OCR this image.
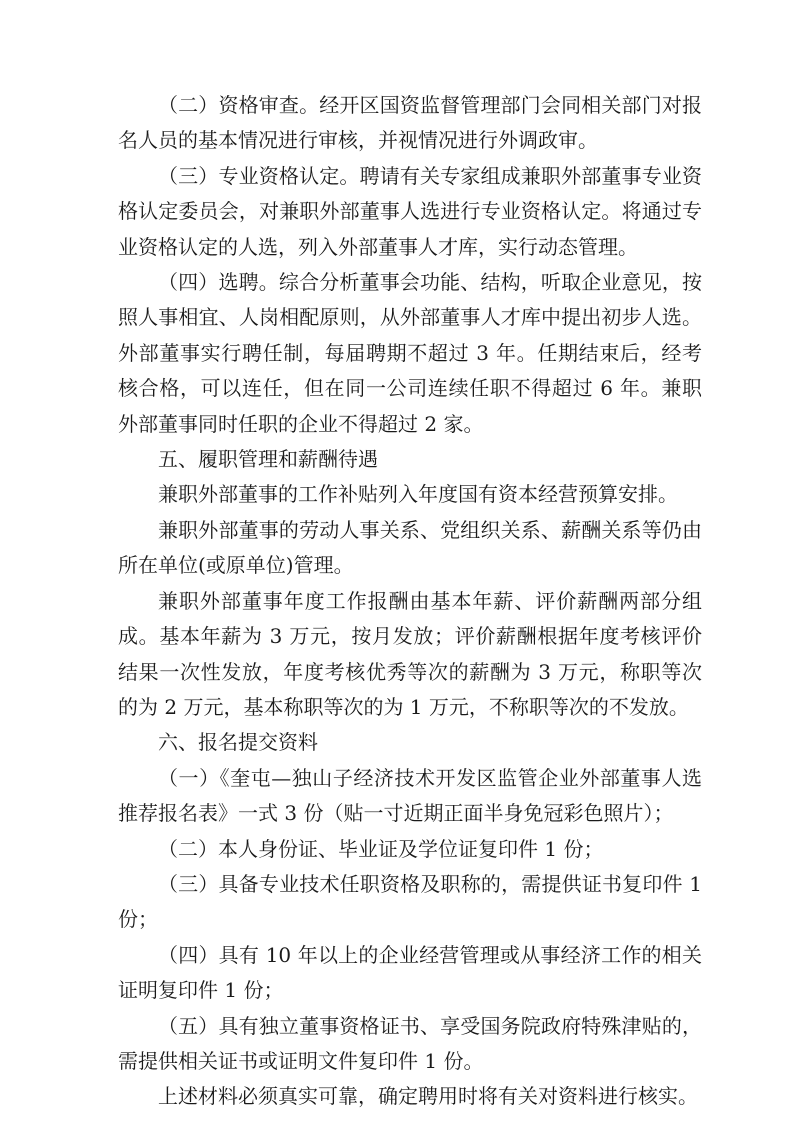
（二）资格审查。经开区国资监督管理部门会同相关部门对报名人员的基本情况进行审核，并视情况进行外调政审。

（三）专业资格认定。聘请有关专家组成兼职外部董事专业资格认定委员会，对兼职外部董事人选进行专业资格认定。将通过专业资格认定的人选，列入外部董事人才库，实行动态管理。

（四）选聘。综合分析董事会功能、结构，听取企业意见，按照人事相宜、人岗相配原则，从外部董事人才库中提出初步人选。外部董事实行聘任制，每届聘期不超过 3 年。任期结束后，经考核合格，可以连任，但在同一公司连续任职不得超过 6 年。兼职外部董事同时任职的企业不得超过 2 家。

五、履职管理和薪酬待遇

兼职外部董事的工作补贴列入年度国有资本经营预算安排。

兼职外部董事的劳动人事关系、党组织关系、薪酬关系等仍由所在单位(或原单位)管理。

兼职外部董事年度工作报酬由基本年薪、评价薪酬两部分组成。基本年薪为 3 万元，按月发放；评价薪酬根据年度考核评价结果一次性发放，年度考核优秀等次的薪酬为 3 万元，称职等次的为 2 万元，基本称职等次的为 1 万元，不称职等次的不发放。

六、报名提交资料

（一）《奎屯—独山子经济技术开发区监管企业外部董事人选推荐报名表》一式 3 份（贴一寸近期正面半身免冠彩色照片）；

（二）本人身份证、毕业证及学位证复印件 1 份；

（三）具备专业技术任职资格及职称的，需提供证书复印件 1 份；

（四）具有 10 年以上的企业经营管理或从事经济工作的相关证明复印件 1 份；

（五）具有独立董事资格证书、享受国务院政府特殊津贴的，需提供相关证书或证明文件复印件 1 份。

上述材料必须真实可靠，确定聘用时将有关对资料进行核实。
